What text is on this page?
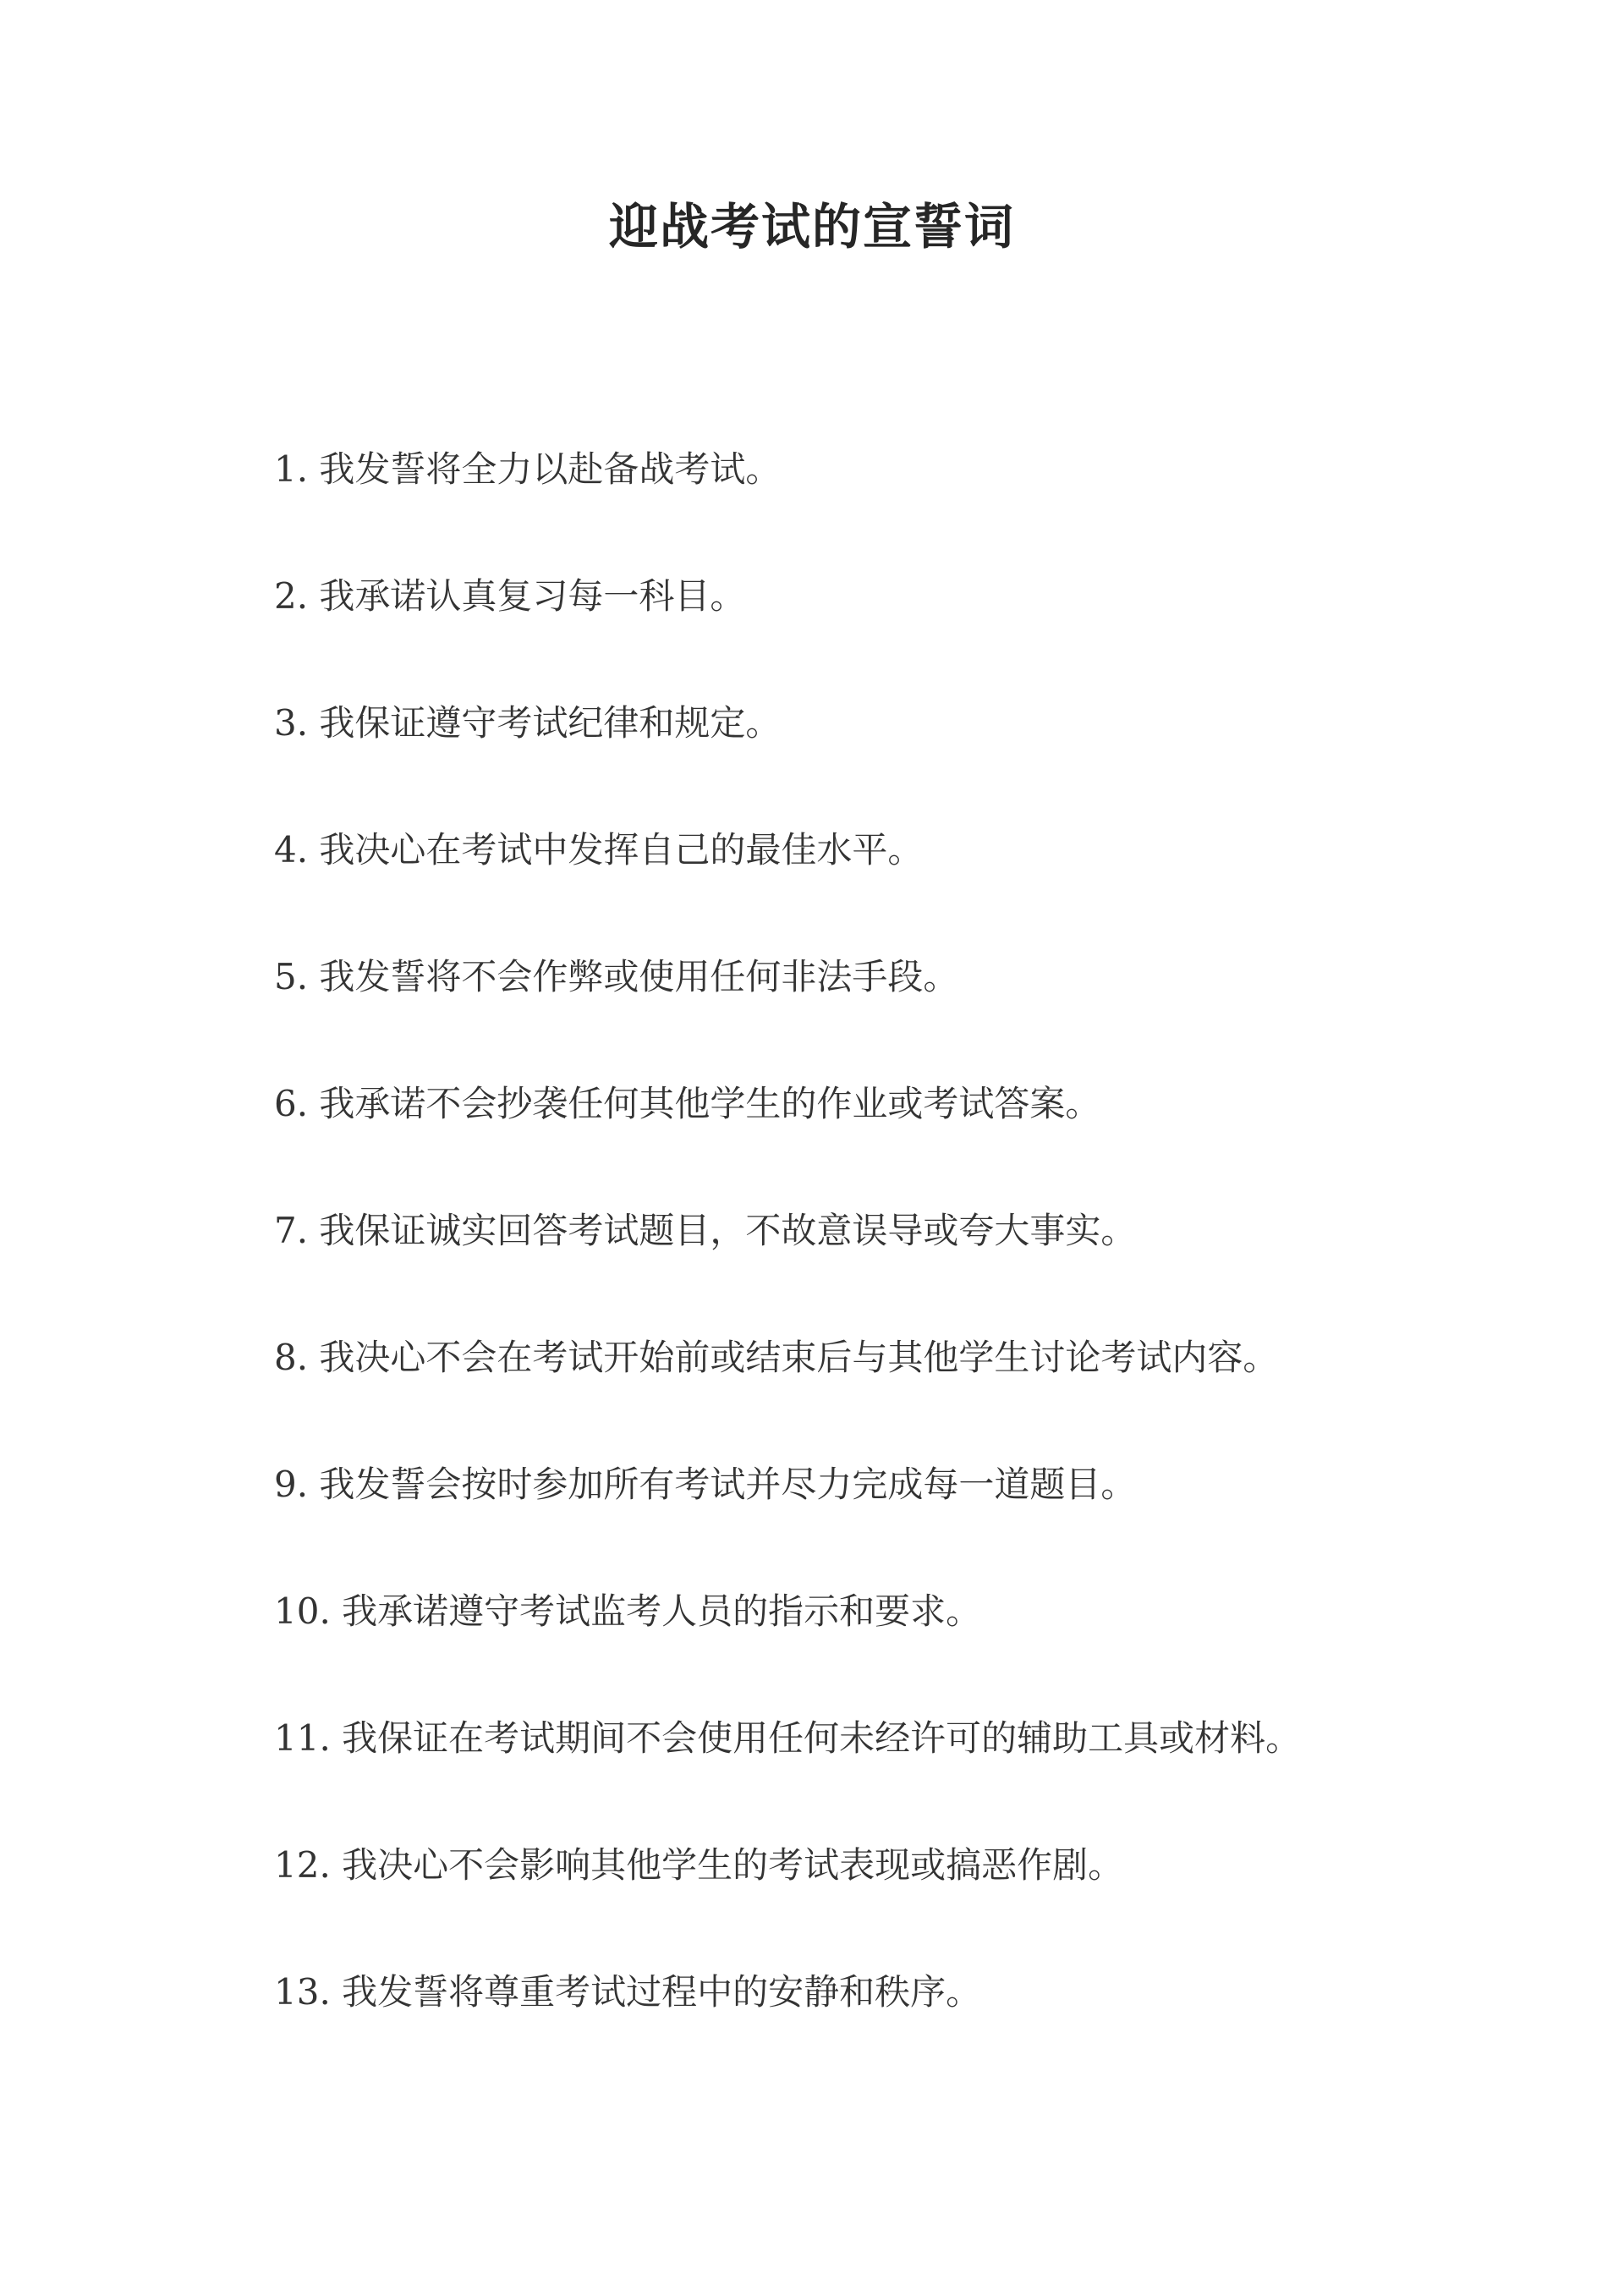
迎战考试的宣誓词
1. 我发誓将全力以赴备战考试。
2. 我承诺认真复习每一科目。
3. 我保证遵守考试纪律和规定。
4. 我决心在考试中发挥自己的最佳水平。
5. 我发誓将不会作弊或使用任何非法手段。
6. 我承诺不会抄袭任何其他学生的作业或考试答案。
7. 我保证诚实回答考试题目，不故意误导或夸大事实。
8. 我决心不会在考试开始前或结束后与其他学生讨论考试内容。
9. 我发誓会按时参加所有考试并尽力完成每一道题目。
10. 我承诺遵守考试监考人员的指示和要求。
11. 我保证在考试期间不会使用任何未经许可的辅助工具或材料。
12. 我决心不会影响其他学生的考试表现或搞恶作剧。
13. 我发誓将尊重考试过程中的安静和秩序。
